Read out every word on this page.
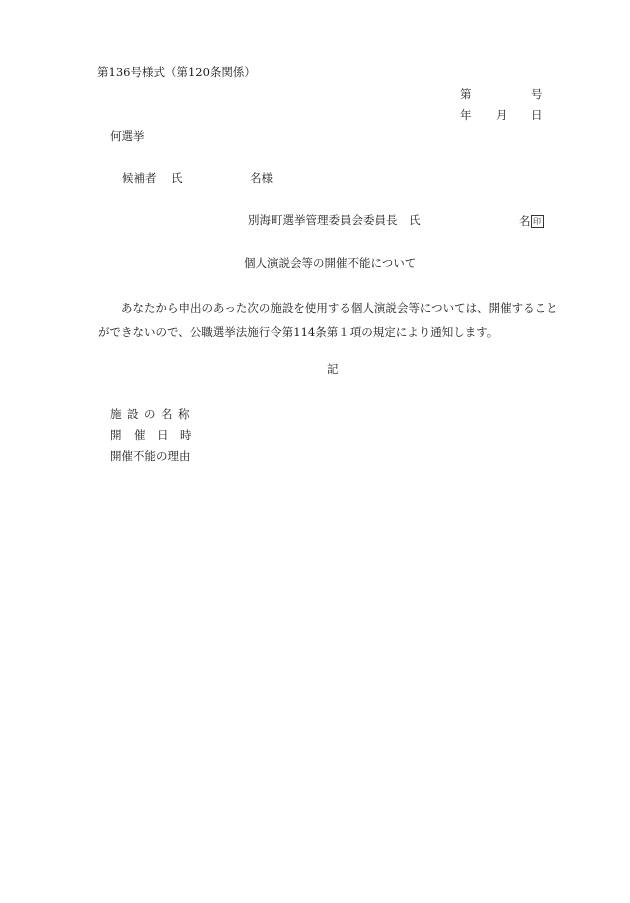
第136号様式（第120条関係）
第	号
年 月 日
何選挙
候補者 氏	名様
別海町選挙管理委員会委員長 氏	名 印
個人演説会等の開催不能について

あなたから申出のあった次の施設を使用する個人演説会等については、開催すること

ができないので、公職選挙法施行令第114条第１項の規定により通知します。

記
施 設 の 名 称
開 催 日 時
開催不能の理由
